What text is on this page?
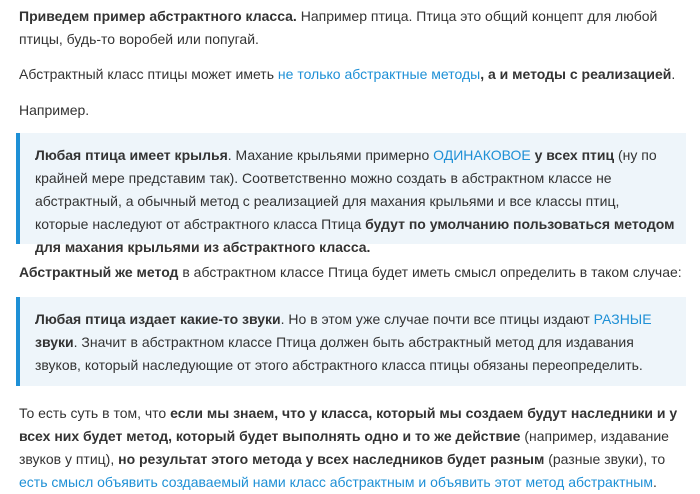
Приведем пример абстрактного класса. Например птица. Птица это общий концепт для любой птицы, будь-то воробей или попугай.

Абстрактный класс птицы может иметь не только абстрактные методы, а и методы с реализацией.

Например.

Любая птица имеет крылья. Махание крыльями примерно ОДИНАКОВОЕ у всех птиц (ну по крайней мере представим так). Соответственно можно создать в абстрактном классе не абстрактный, а обычный метод с реализацией для махания крыльями и все классы птиц, которые наследуют от абстрактного класса Птица будут по умолчанию пользоваться методом для махания крыльями из абстрактного класса.

Абстрактный же метод в абстрактном классе Птица будет иметь смысл определить в таком случае:

Любая птица издает какие-то звуки. Но в этом уже случае почти все птицы издают РАЗНЫЕ звуки. Значит в абстрактном классе Птица должен быть абстрактный метод для издавания звуков, который наследующие от этого абстрактного класса птицы обязаны переопределить.

То есть суть в том, что если мы знаем, что у класса, который мы создаем будут наследники и у всех них будет метод, который будет выполнять одно и то же действие (например, издавание звуков у птиц), но результат этого метода у всех наследников будет разным (разные звуки), то есть смысл объявить создаваемый нами класс абстрактным и объявить этот метод абстрактным.
